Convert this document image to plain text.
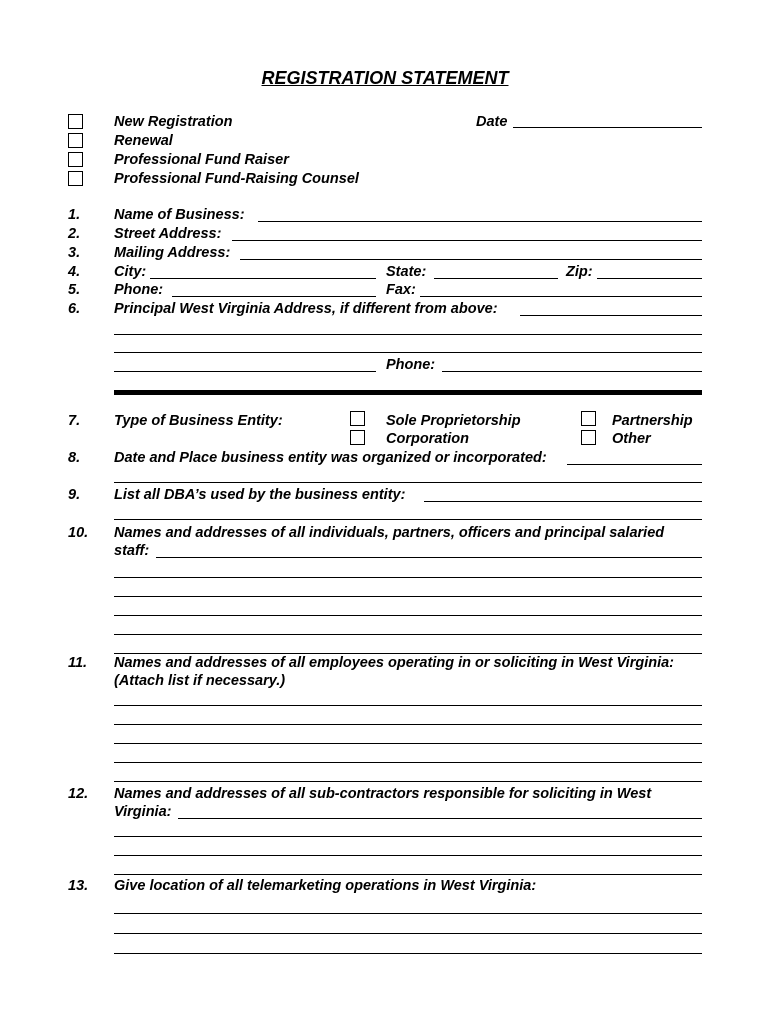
REGISTRATION STATEMENT
New Registration
Renewal
Professional Fund Raiser
Professional Fund-Raising Counsel
Date
1. Name of Business:
2. Street Address:
3. Mailing Address:
4. City:	State:	Zip:
5. Phone:	Fax:
6. Principal West Virginia Address, if different from above:
Phone:
7. Type of Business Entity:	Sole Proprietorship	Partnership
Corporation	Other
8. Date and Place business entity was organized or incorporated:
9. List all DBA’s used by the business entity:
10. Names and addresses of all individuals, partners, officers and principal salaried
staff:
11. Names and addresses of all employees operating in or soliciting in West Virginia:
(Attach list if necessary.)
12. Names and addresses of all sub-contractors responsible for soliciting in West
Virginia:
13. Give location of all telemarketing operations in West Virginia:
